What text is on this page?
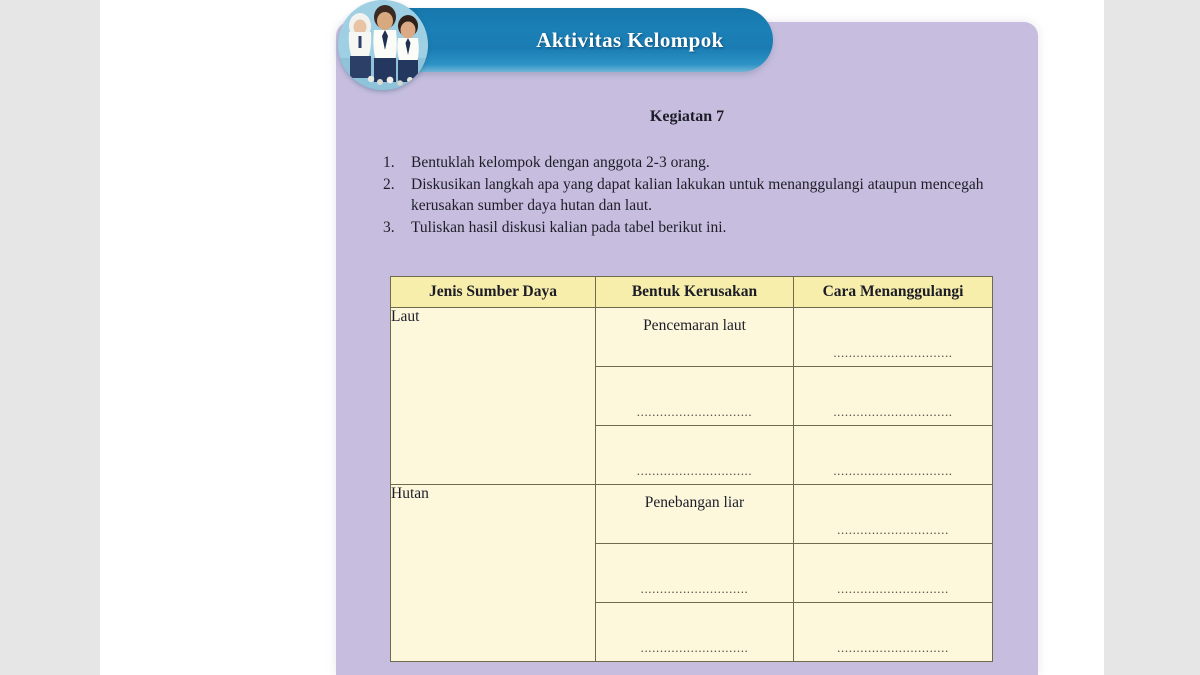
Kegiatan 7
1.	Bentuklah kelompok dengan anggota 2-3 orang.
2.	Diskusikan langkah apa yang dapat kalian lakukan untuk menanggulangi ataupun mencegah kerusakan sumber daya hutan dan laut.
3.	Tuliskan hasil diskusi kalian pada tabel berikut ini.
Jenis Sumber Daya	Bentuk Kerusakan	Cara Menanggulangi
Laut	Pencemaran laut	...............................

	..............................	...............................

	..............................	...............................

Hutan	Penebangan liar	.............................

	............................	.............................

	............................	.............................
Aktivitas Kelompok
